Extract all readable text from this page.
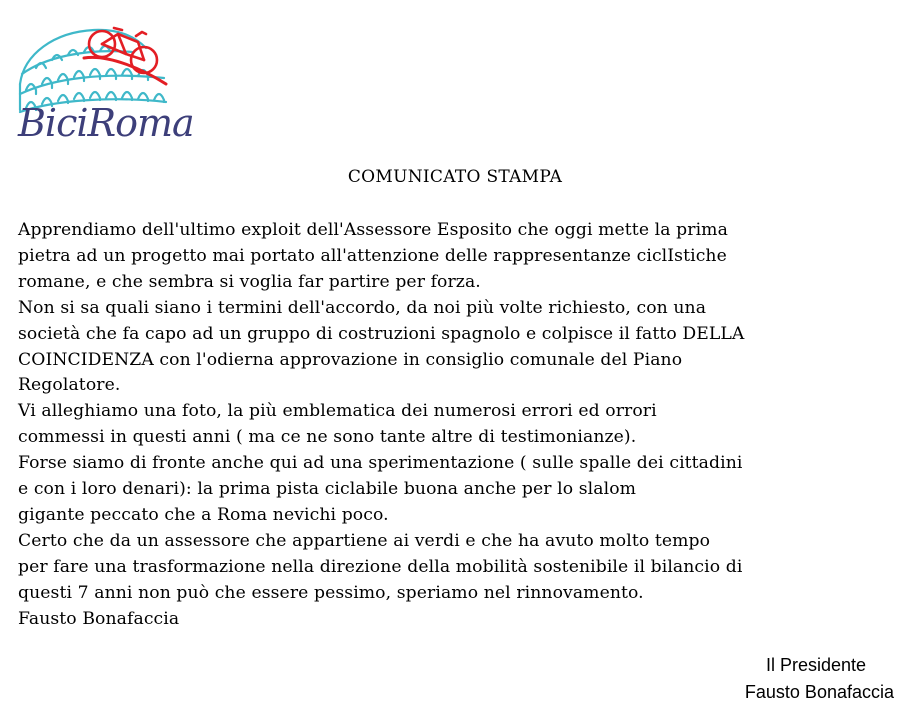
BiciRoma
COMUNICATO STAMPA
Apprendiamo dell'ultimo exploit dell'Assessore Esposito che oggi mette la prima
pietra ad un progetto mai portato all'attenzione delle rappresentanze ciclIstiche
romane, e che sembra si voglia far partire per forza.
Non si sa quali siano i termini dell'accordo, da noi più volte richiesto, con una
società che fa capo ad un gruppo di costruzioni spagnolo e colpisce il fatto DELLA
COINCIDENZA con l'odierna approvazione in consiglio comunale del Piano
Regolatore.
Vi alleghiamo una foto, la più emblematica dei numerosi errori ed orrori
commessi in questi anni ( ma ce ne sono tante altre di testimonianze).
Forse siamo di fronte anche qui ad una sperimentazione ( sulle spalle dei cittadini
e con i loro denari): la prima pista ciclabile buona anche per lo slalom
gigante peccato che a Roma nevichi poco.
Certo che da un assessore che appartiene ai verdi e che ha avuto molto tempo
per fare una trasformazione nella direzione della mobilità sostenibile il bilancio di
questi 7 anni non può che essere pessimo, speriamo nel rinnovamento.
Fausto Bonafaccia
Il Presidente
Fausto Bonafaccia
